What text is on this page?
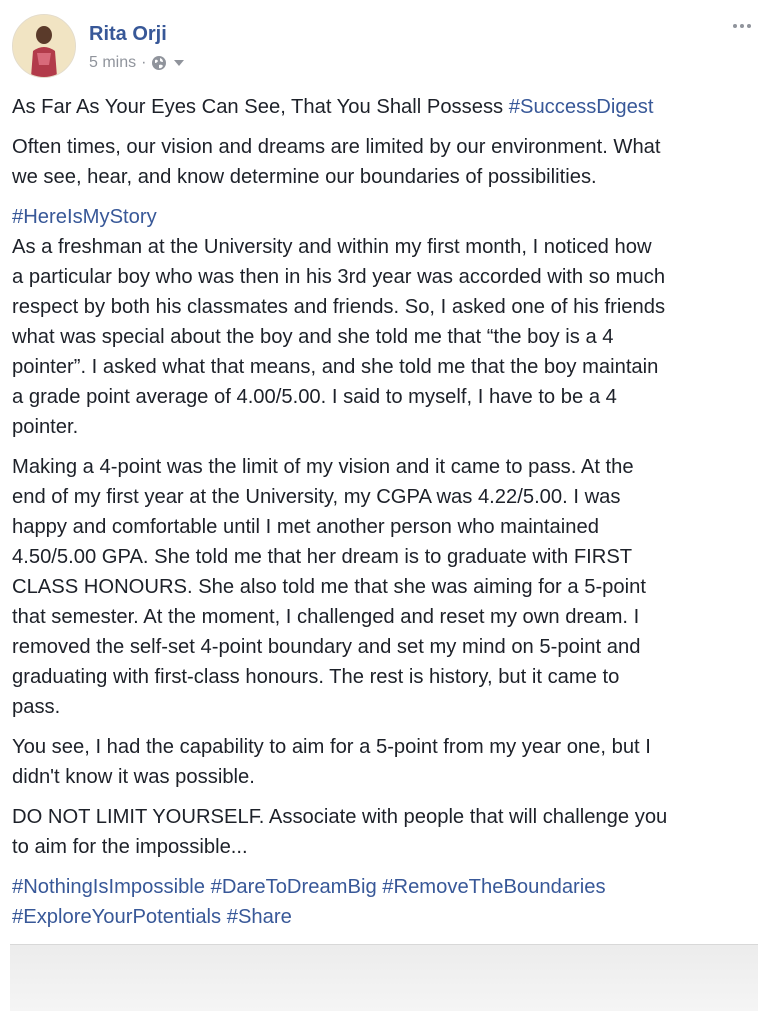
Rita Orji
5 mins ·

As Far As Your Eyes Can See, That You Shall Possess #SuccessDigest

Often times, our vision and dreams are limited by our environment. What
we see, hear, and know determine our boundaries of possibilities.

#HereIsMyStory

As a freshman at the University and within my first month, I noticed how
a particular boy who was then in his 3rd year was accorded with so much
respect by both his classmates and friends. So, I asked one of his friends
what was special about the boy and she told me that “the boy is a 4
pointer”. I asked what that means, and she told me that the boy maintain
a grade point average of 4.00/5.00. I said to myself, I have to be a 4
pointer.

Making a 4-point was the limit of my vision and it came to pass. At the
end of my first year at the University, my CGPA was 4.22/5.00. I was
happy and comfortable until I met another person who maintained
4.50/5.00 GPA. She told me that her dream is to graduate with FIRST
CLASS HONOURS. She also told me that she was aiming for a 5-point
that semester. At the moment, I challenged and reset my own dream. I
removed the self-set 4-point boundary and set my mind on 5-point and
graduating with first-class honours. The rest is history, but it came to
pass.

You see, I had the capability to aim for a 5-point from my year one, but I
didn't know it was possible.

DO NOT LIMIT YOURSELF. Associate with people that will challenge you
to aim for the impossible...

#NothingIsImpossible #DareToDreamBig #RemoveTheBoundaries
#ExploreYourPotentials #Share
